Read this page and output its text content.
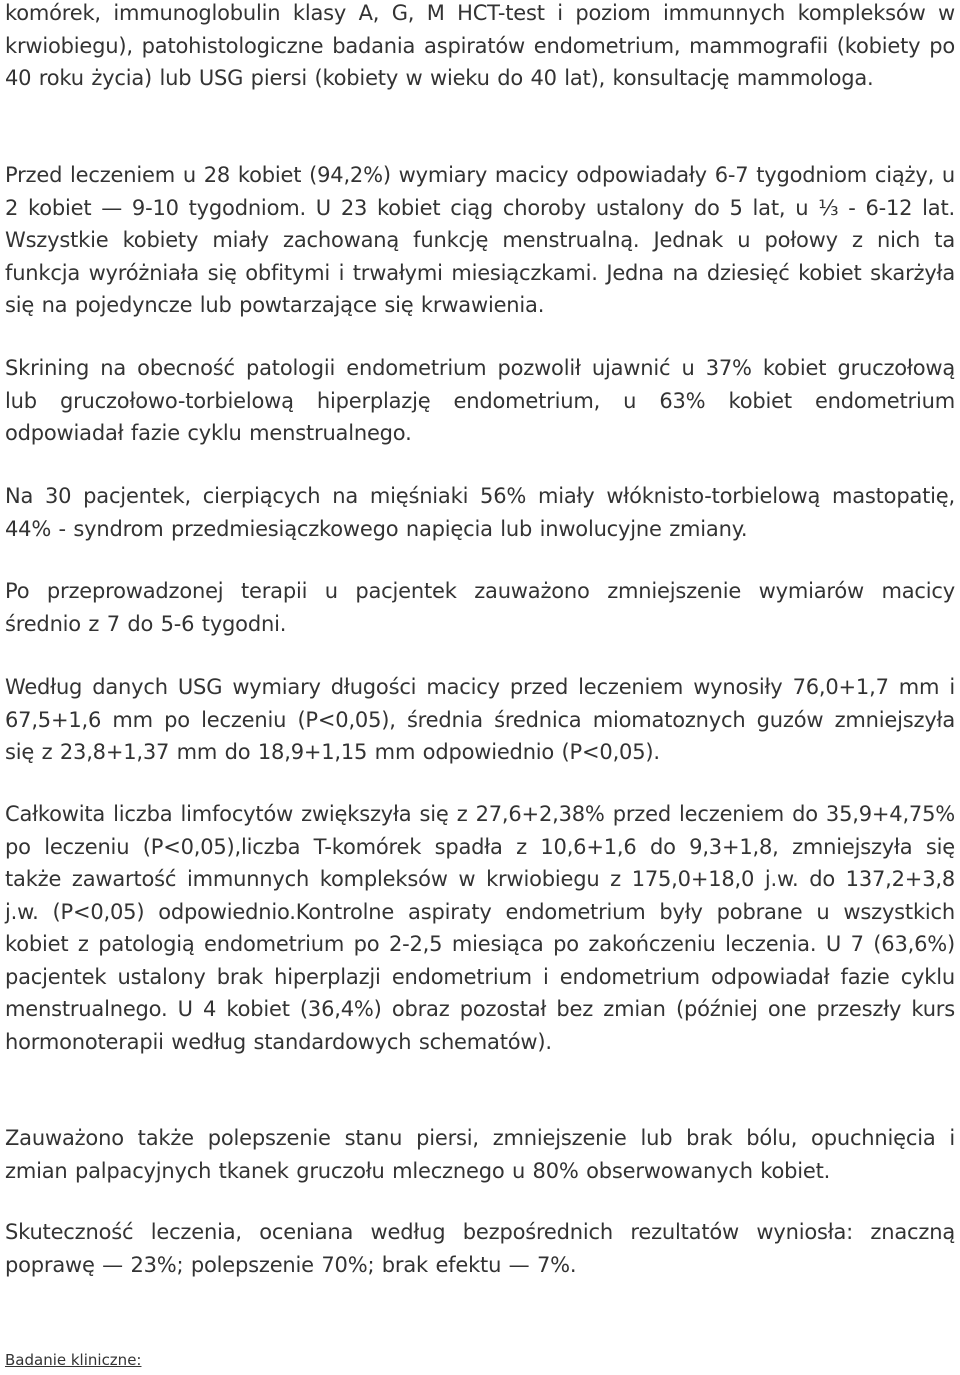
komórek, immunoglobulin klasy A, G, M HCT-test i poziom immunnych kompleksów w krwiobiegu), patohistologiczne badania aspiratów endometrium, mammografii (kobiety po 40 roku życia) lub USG piersi (kobiety w wieku do 40 lat), konsultację mammologa.

Przed leczeniem u 28 kobiet (94,2%) wymiary macicy odpowiadały 6-7 tygodniom ciąży, u 2 kobiet — 9-10 tygodniom. U 23 kobiet ciąg choroby ustalony do 5 lat, u ⅓ - 6-12 lat. Wszystkie kobiety miały zachowaną funkcję menstrualną. Jednak u połowy z nich ta funkcja wyróżniała się obfitymi i trwałymi miesiączkami. Jedna na dziesięć kobiet skarżyła się na pojedyncze lub powtarzające się krwawienia.

Skrining na obecność patologii endometrium pozwolił ujawnić u 37% kobiet gruczołową lub gruczołowo-torbielową hiperplazję endometrium, u 63% kobiet endometrium odpowiadał fazie cyklu menstrualnego.

Na 30 pacjentek, cierpiących na mięśniaki 56% miały włóknisto-torbielową mastopatię, 44% - syndrom przedmiesiączkowego napięcia lub inwolucyjne zmiany.

Po przeprowadzonej terapii u pacjentek zauważono zmniejszenie wymiarów macicy średnio z 7 do 5-6 tygodni.

Według danych USG wymiary długości macicy przed leczeniem wynosiły 76,0+1,7 mm i 67,5+1,6 mm po leczeniu (P<0,05), średnia średnica miomatoznych guzów zmniejszyła się z 23,8+1,37 mm do 18,9+1,15 mm odpowiednio (P<0,05).

Całkowita liczba limfocytów zwiększyła się z 27,6+2,38% przed leczeniem do 35,9+4,75% po leczeniu (P<0,05),liczba T-komórek spadła z 10,6+1,6 do 9,3+1,8, zmniejszyła się także zawartość immunnych kompleksów w krwiobiegu z 175,0+18,0 j.w. do 137,2+3,8 j.w. (P<0,05) odpowiednio.Kontrolne aspiraty endometrium były pobrane u wszystkich kobiet z patologią endometrium po 2-2,5 miesiąca po zakończeniu leczenia. U 7 (63,6%) pacjentek ustalony brak hiperplazji endometrium i endometrium odpowiadał fazie cyklu menstrualnego. U 4 kobiet (36,4%) obraz pozostał bez zmian (później one przeszły kurs hormonoterapii według standardowych schematów).

Zauważono także polepszenie stanu piersi, zmniejszenie lub brak bólu, opuchnięcia i zmian palpacyjnych tkanek gruczołu mlecznego u 80% obserwowanych kobiet.

Skuteczność leczenia, oceniana według bezpośrednich rezultatów wyniosła: znaczną poprawę — 23%; polepszenie 70%; brak efektu — 7%.

Badanie kliniczne:
